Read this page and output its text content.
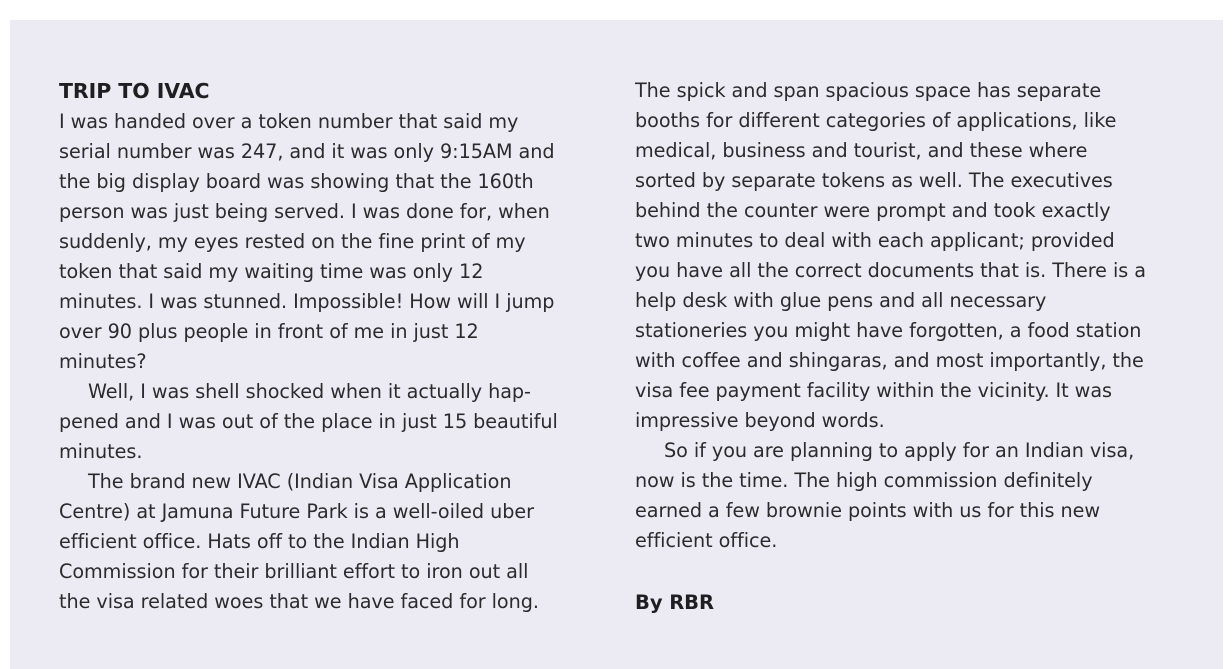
TRIP TO IVAC
I was handed over a token number that said my
serial number was 247, and it was only 9:15AM and
the big display board was showing that the 160th
person was just being served. I was done for, when
suddenly, my eyes rested on the fine print of my
token that said my waiting time was only 12
minutes. I was stunned. Impossible! How will I jump
over 90 plus people in front of me in just 12
minutes?
Well, I was shell shocked when it actually hap-
pened and I was out of the place in just 15 beautiful
minutes.
The brand new IVAC (Indian Visa Application
Centre) at Jamuna Future Park is a well-oiled uber
efficient office. Hats off to the Indian High
Commission for their brilliant effort to iron out all
the visa related woes that we have faced for long.
The spick and span spacious space has separate
booths for different categories of applications, like
medical, business and tourist, and these where
sorted by separate tokens as well. The executives
behind the counter were prompt and took exactly
two minutes to deal with each applicant; provided
you have all the correct documents that is. There is a
help desk with glue pens and all necessary
stationeries you might have forgotten, a food station
with coffee and shingaras, and most importantly, the
visa fee payment facility within the vicinity. It was
impressive beyond words.
So if you are planning to apply for an Indian visa,
now is the time. The high commission definitely
earned a few brownie points with us for this new
efficient office.
By RBR
